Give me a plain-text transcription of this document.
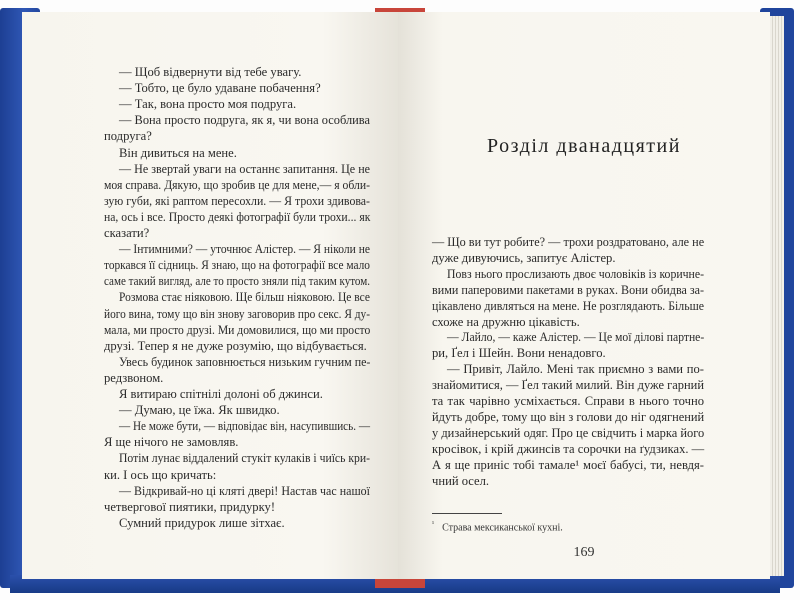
— Щоб відвернути від тебе увагу.
— Тобто, це було удаване побачення?
— Так, вона просто моя подруга.
— Вона просто подруга, як я, чи вона особлива
подруга?
Він дивиться на мене.
— Не звертай уваги на останнє запитання. Це не
моя справа. Дякую, що зробив це для мене,— я обли-
зую губи, які раптом пересохли. — Я трохи здивова-
на, ось і все. Просто деякі фотографії були трохи... як
сказати?
— Інтимними? — уточнює Алістер. — Я ніколи не
торкався її сідниць. Я знаю, що на фотографії все мало
саме такий вигляд, але то просто зняли під таким кутом.
Розмова стає ніяковою. Ще більш ніяковою. Це все
його вина, тому що він знову заговорив про секс. Я ду-
мала, ми просто друзі. Ми домовилися, що ми просто
друзі. Тепер я не дуже розумію, що відбувається.
Увесь будинок заповнюється низьким гучним пе-
редзвоном.
Я витираю спітнілі долоні об джинси.
— Думаю, це їжа. Як швидко.
— Не може бути, — відповідає він, насупившись. —
Я ще нічого не замовляв.
Потім лунає віддалений стукіт кулаків і чиїсь кри-
ки. І ось що кричать:
— Відкривай-но ці кляті двері! Настав час нашої
четвергової пиятики, придурку!
Сумний придурок лише зітхає.
— Що ви тут робите? — трохи роздратовано, але не
дуже дивуючись, запитує Алістер.
Повз нього прослизають двоє чоловіків із коричне-
вими паперовими пакетами в руках. Вони обидва за-
цікавлено дивляться на мене. Не розглядають. Більше
схоже на дружню цікавість.
— Лайло, — каже Алістер. — Це мої ділові партне-
ри, Ґел і Шейн. Вони ненадовго.
— Привіт, Лайло. Мені так приємно з вами по-
знайомитися, — Ґел такий милий. Він дуже гарний
та так чарівно усміхається. Справи в нього точно
йдуть добре, тому що він з голови до ніг одягнений
у дизайнерський одяг. Про це свідчить і марка його
кросівок, і крій джинсів та сорочки на ґудзиках. —
А я ще приніс тобі тамале¹ моєї бабусі, ти, невдя-
чний осел.
Розділ дванадцятий
$^{^1}$ Страва мексиканської кухні.
169
